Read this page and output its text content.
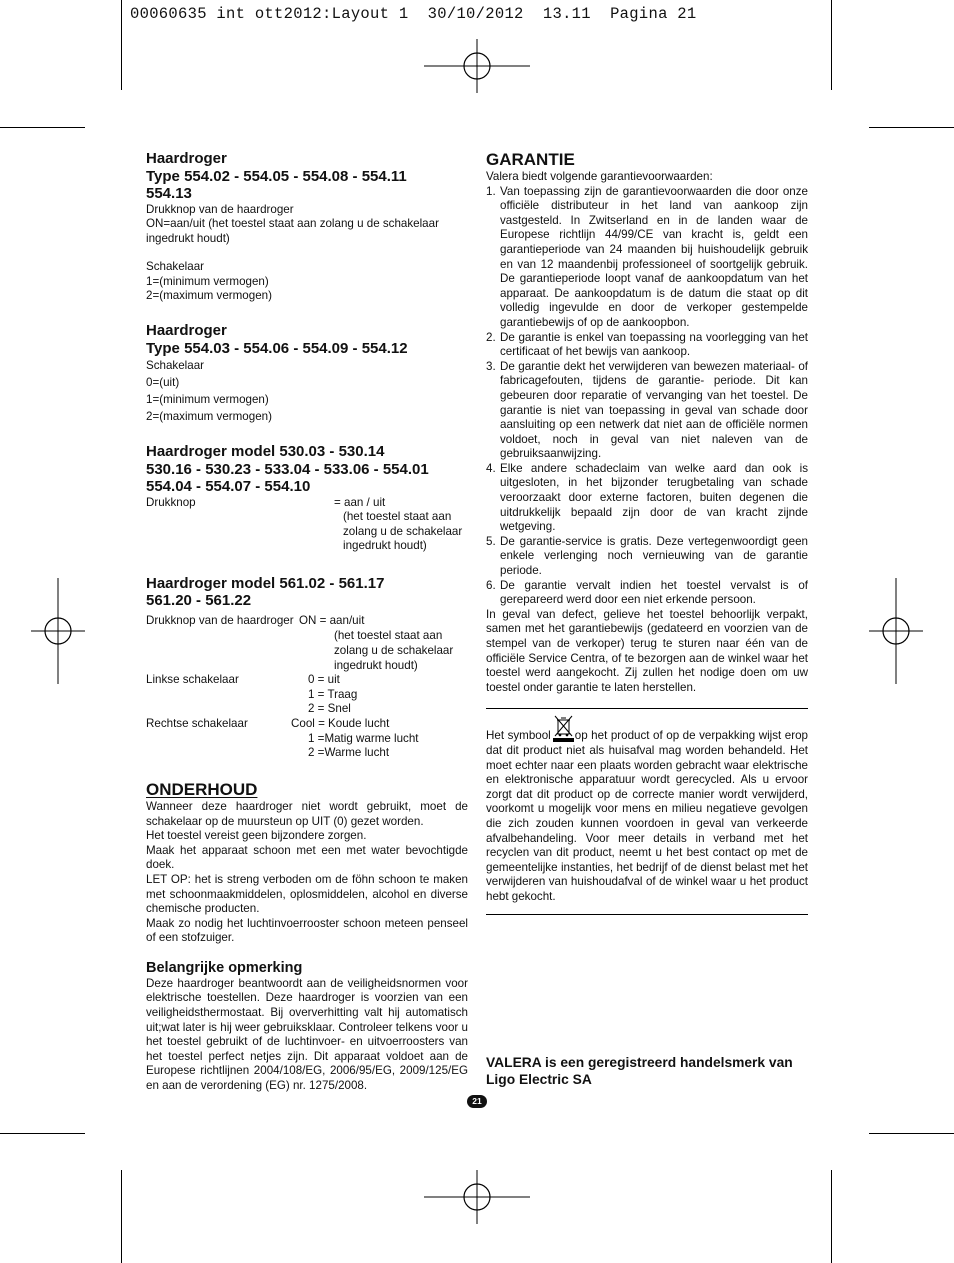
00060635 int ott2012:Layout 1  30/10/2012  13.11  Pagina 21

Haardroger

Type 554.02 - 554.05 - 554.08 - 554.11

554.13

Drukknop van de haardroger

ON=aan/uit (het toestel staat aan zolang u de schakelaar ingedrukt houdt)

Schakelaar

1=(minimum vermogen)

2=(maximum vermogen)

Haardroger

Type 554.03 - 554.06 - 554.09 - 554.12

Schakelaar

0=(uit)

1=(minimum vermogen)

2=(maximum vermogen)

Haardroger model 530.03 - 530.14

530.16 - 530.23 - 533.04 - 533.06 - 554.01

554.04 - 554.07 - 554.10

Drukknop	= aan / uit
(het toestel staat aan
zolang u de schakelaar
ingedrukt houdt)

Haardroger model 561.02 - 561.17

561.20 - 561.22

Drukknop van de haardroger ON = aan/uit
(het toestel staat aan
zolang u de schakelaar
ingedrukt houdt)
Linkse schakelaar	0 = uit
1 = Traag
2 = Snel
Rechtse schakelaar	Cool = Koude lucht
1 =Matig warme lucht
2 =Warme lucht

ONDERHOUD

Wanneer deze haardroger niet wordt gebruikt, moet de schakelaar op de muursteun op UIT (0) gezet worden.

Het toestel vereist geen bijzondere zorgen.

Maak het apparaat schoon met een met water bevochtigde doek.

LET OP: het is streng verboden om de föhn schoon te maken met schoonmaakmiddelen, oplosmiddelen, alcohol en diverse chemische producten.

Maak zo nodig het luchtinvoerrooster schoon meteen penseel of een stofzuiger.

Belangrijke opmerking

Deze haardroger beantwoordt aan de veiligheidsnormen voor elektrische toestellen. Deze haardroger is voorzien van een veiligheidsthermostaat. Bij oververhitting valt hij automatisch uit;wat later is hij weer gebruiksklaar. Controleer telkens voor u het toestel gebruikt of de luchtinvoer- en uitvoerroosters van het toestel perfect netjes zijn. Dit apparaat voldoet aan de Europese richtlijnen 2004/108/EG, 2006/95/EG, 2009/125/EG en aan de verordening (EG) nr. 1275/2008.

GARANTIE

Valera biedt volgende garantievoorwaarden:

1. Van toepassing zijn de garantievoorwaarden die door onze officiële distributeur in het land van aankoop zijn vastgesteld. In Zwitserland en in de landen waar de Europese richtlijn 44/99/CE van kracht is, geldt een garantieperiode van 24 maanden bij huishoudelijk gebruik en van 12 maandenbij professioneel of soortgelijk gebruik. De garantieperiode loopt vanaf de aankoopdatum van het apparaat. De aankoopdatum is de datum die staat op dit volledig ingevulde en door de verkoper gestempelde garantiebewijs of op de aankoopbon.
2. De garantie is enkel van toepassing na voorlegging van het certificaat of het bewijs van aankoop.
3. De garantie dekt het verwijderen van bewezen materiaal- of fabricagefouten, tijdens de garantie- periode. Dit kan gebeuren door reparatie of vervanging van het toestel. De garantie is niet van toepassing in geval van schade door aansluiting op een netwerk dat niet aan de officiële normen voldoet, noch in geval van niet naleven van de gebruiksaanwijzing.
4. Elke andere schadeclaim van welke aard dan ook is uitgesloten, in het bijzonder terugbetaling van schade veroorzaakt door externe factoren, buiten degenen die uitdrukkelijk bepaald zijn door de van kracht zijnde wetgeving.
5. De garantie-service is gratis. Deze vertegenwoordigt geen enkele verlenging noch vernieuwing van de garantie periode.
6. De garantie vervalt indien het toestel vervalst is of gerepareerd werd door een niet erkende persoon.

In geval van defect, gelieve het toestel behoorlijk verpakt, samen met het garantiebewijs (gedateerd en voorzien van de stempel van de verkoper) terug te sturen naar één van de officiële Service Centra, of te bezorgen aan de winkel waar het toestel werd aangekocht. Zij zullen het nodige doen om uw toestel onder garantie te laten herstellen.

Het symbool op het product of op de verpakking wijst erop dat dit product niet als huisafval mag worden behandeld. Het moet echter naar een plaats worden gebracht waar elektrische en elektronische apparatuur wordt gerecycled. Als u ervoor zorgt dat dit product op de correcte manier wordt verwijderd, voorkomt u mogelijk voor mens en milieu negatieve gevolgen die zich zouden kunnen voordoen in geval van verkeerde afvalbehandeling. Voor meer details in verband met het recyclen van dit product, neemt u het best contact op met de gemeentelijke instanties, het bedrijf of de dienst belast met het verwijderen van huishoudafval of de winkel waar u het product hebt gekocht.

VALERA is een geregistreerd handelsmerk van Ligo Electric SA

21
